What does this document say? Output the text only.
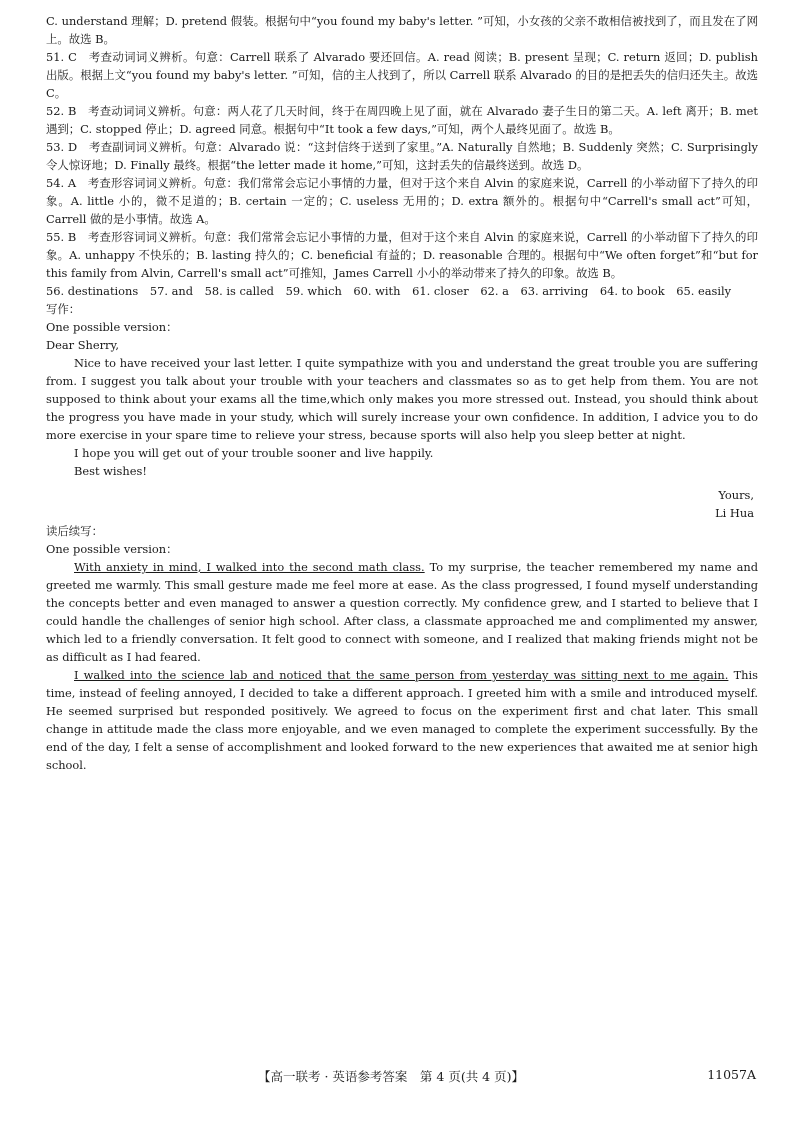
C. understand 理解；D. pretend 假装。根据句中“you found my baby's letter. ”可知，小女孩的父亲不敢相信被找到了，而且发在了网上。故选 B。

51. C　考查动词词义辨析。句意：Carrell 联系了 Alvarado 要还回信。A. read 阅读；B. present 呈现；C. return 返回；D. publish 出版。根据上文“you found my baby's letter. ”可知，信的主人找到了，所以 Carrell 联系 Alvarado 的目的是把丢失的信归还失主。故选 C。

52. B　考查动词词义辨析。句意：两人花了几天时间，终于在周四晚上见了面，就在 Alvarado 妻子生日的第二天。A. left 离开；B. met 遇到；C. stopped 停止；D. agreed 同意。根据句中“It took a few days,”可知，两个人最终见面了。故选 B。

53. D　考查副词词义辨析。句意：Alvarado 说：“这封信终于送到了家里。”A. Naturally 自然地；B. Suddenly 突然；C. Surprisingly 令人惊讶地；D. Finally 最终。根据“the letter made it home,”可知，这封丢失的信最终送到。故选 D。

54. A　考查形容词词义辨析。句意：我们常常会忘记小事情的力量，但对于这个来自 Alvin 的家庭来说，Carrell 的小举动留下了持久的印象。A. little 小的，微不足道的；B. certain 一定的；C. useless 无用的；D. extra 额外的。根据句中“Carrell's small act”可知，Carrell 做的是小事情。故选 A。

55. B　考查形容词词义辨析。句意：我们常常会忘记小事情的力量，但对于这个来自 Alvin 的家庭来说，Carrell 的小举动留下了持久的印象。A. unhappy 不快乐的；B. lasting 持久的；C. beneficial 有益的；D. reasonable 合理的。根据句中“We often forget”和“but for this family from Alvin, Carrell's small act”可推知，James Carrell 小小的举动带来了持久的印象。故选 B。

56. destinations 57. and 58. is called 59. which 60. with 61. closer 62. a 63. arriving 64. to book 65. easily

写作：

One possible version：

Dear Sherry,

Nice to have received your last letter. I quite sympathize with you and understand the great trouble you are suffering from. I suggest you talk about your trouble with your teachers and classmates so as to get help from them. You are not supposed to think about your exams all the time,which only makes you more stressed out. Instead, you should think about the progress you have made in your study, which will surely increase your own confidence. In addition, I advice you to do more exercise in your spare time to relieve your stress, because sports will also help you sleep better at night.

I hope you will get out of your trouble sooner and live happily.

Best wishes!

Yours,

Li Hua

读后续写：

One possible version：

With anxiety in mind, I walked into the second math class. To my surprise, the teacher remembered my name and greeted me warmly. This small gesture made me feel more at ease. As the class progressed, I found myself understanding the concepts better and even managed to answer a question correctly. My confidence grew, and I started to believe that I could handle the challenges of senior high school. After class, a classmate approached me and complimented my answer, which led to a friendly conversation. It felt good to connect with someone, and I realized that making friends might not be as difficult as I had feared.

I walked into the science lab and noticed that the same person from yesterday was sitting next to me again. This time, instead of feeling annoyed, I decided to take a different approach. I greeted him with a smile and introduced myself. He seemed surprised but responded positively. We agreed to focus on the experiment first and chat later. This small change in attitude made the class more enjoyable, and we even managed to complete the experiment successfully. By the end of the day, I felt a sense of accomplishment and looked forward to the new experiences that awaited me at senior high school.

【高一联考 · 英语参考答案　第 4 页(共 4 页)】	11057A
